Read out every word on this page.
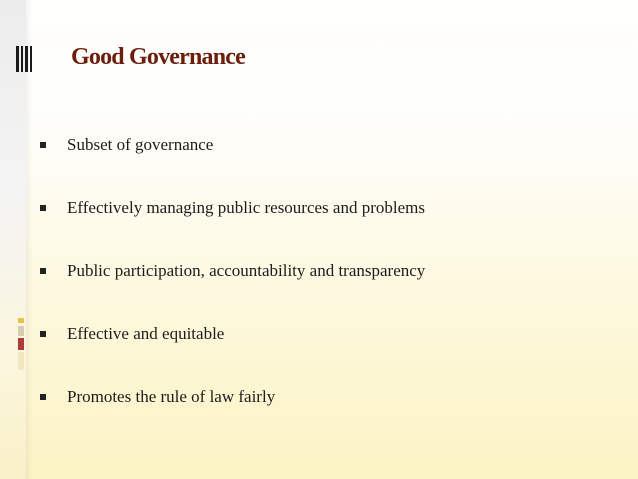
Good Governance
Subset of governance
Effectively managing public resources and problems
Public participation, accountability and transparency
Effective and equitable
Promotes the rule of law fairly
